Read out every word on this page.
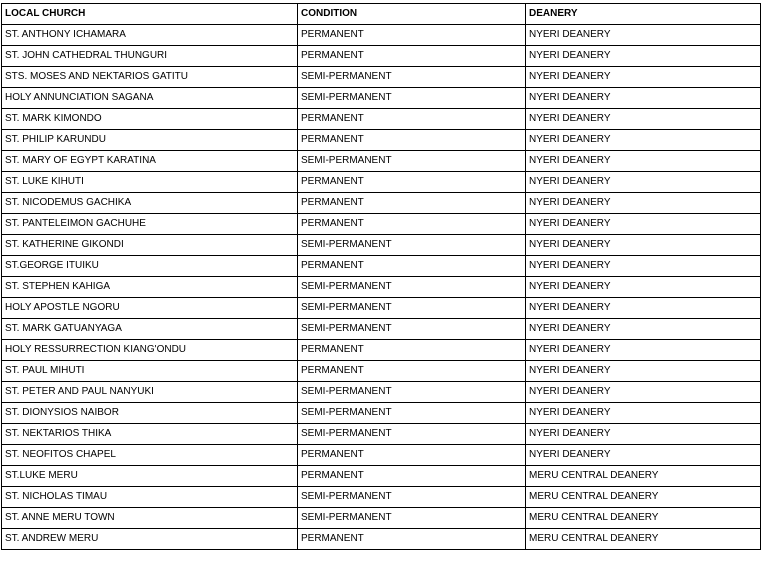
LOCAL CHURCH	CONDITION	DEANERY
ST. ANTHONY ICHAMARA	PERMANENT	NYERI DEANERY
ST. JOHN CATHEDRAL THUNGURI	PERMANENT	NYERI DEANERY
STS. MOSES AND NEKTARIOS GATITU	SEMI-PERMANENT	NYERI DEANERY
HOLY ANNUNCIATION SAGANA	SEMI-PERMANENT	NYERI DEANERY
ST. MARK KIMONDO	PERMANENT	NYERI DEANERY
ST. PHILIP KARUNDU	PERMANENT	NYERI DEANERY
ST. MARY OF EGYPT KARATINA	SEMI-PERMANENT	NYERI DEANERY
ST. LUKE KIHUTI	PERMANENT	NYERI DEANERY
ST. NICODEMUS GACHIKA	PERMANENT	NYERI DEANERY
ST. PANTELEIMON GACHUHE	PERMANENT	NYERI DEANERY
ST. KATHERINE GIKONDI	SEMI-PERMANENT	NYERI DEANERY
ST.GEORGE ITUIKU	PERMANENT	NYERI DEANERY
ST. STEPHEN KAHIGA	SEMI-PERMANENT	NYERI DEANERY
HOLY APOSTLE NGORU	SEMI-PERMANENT	NYERI DEANERY
ST. MARK GATUANYAGA	SEMI-PERMANENT	NYERI DEANERY
HOLY RESSURRECTION KIANG'ONDU	PERMANENT	NYERI DEANERY
ST. PAUL MIHUTI	PERMANENT	NYERI DEANERY
ST. PETER AND PAUL NANYUKI	SEMI-PERMANENT	NYERI DEANERY
ST. DIONYSIOS NAIBOR	SEMI-PERMANENT	NYERI DEANERY
ST. NEKTARIOS THIKA	SEMI-PERMANENT	NYERI DEANERY
ST. NEOFITOS CHAPEL	PERMANENT	NYERI DEANERY
ST.LUKE MERU	PERMANENT	MERU CENTRAL DEANERY
ST. NICHOLAS TIMAU	SEMI-PERMANENT	MERU CENTRAL DEANERY
ST. ANNE MERU TOWN	SEMI-PERMANENT	MERU CENTRAL DEANERY
ST. ANDREW MERU	PERMANENT	MERU CENTRAL DEANERY
